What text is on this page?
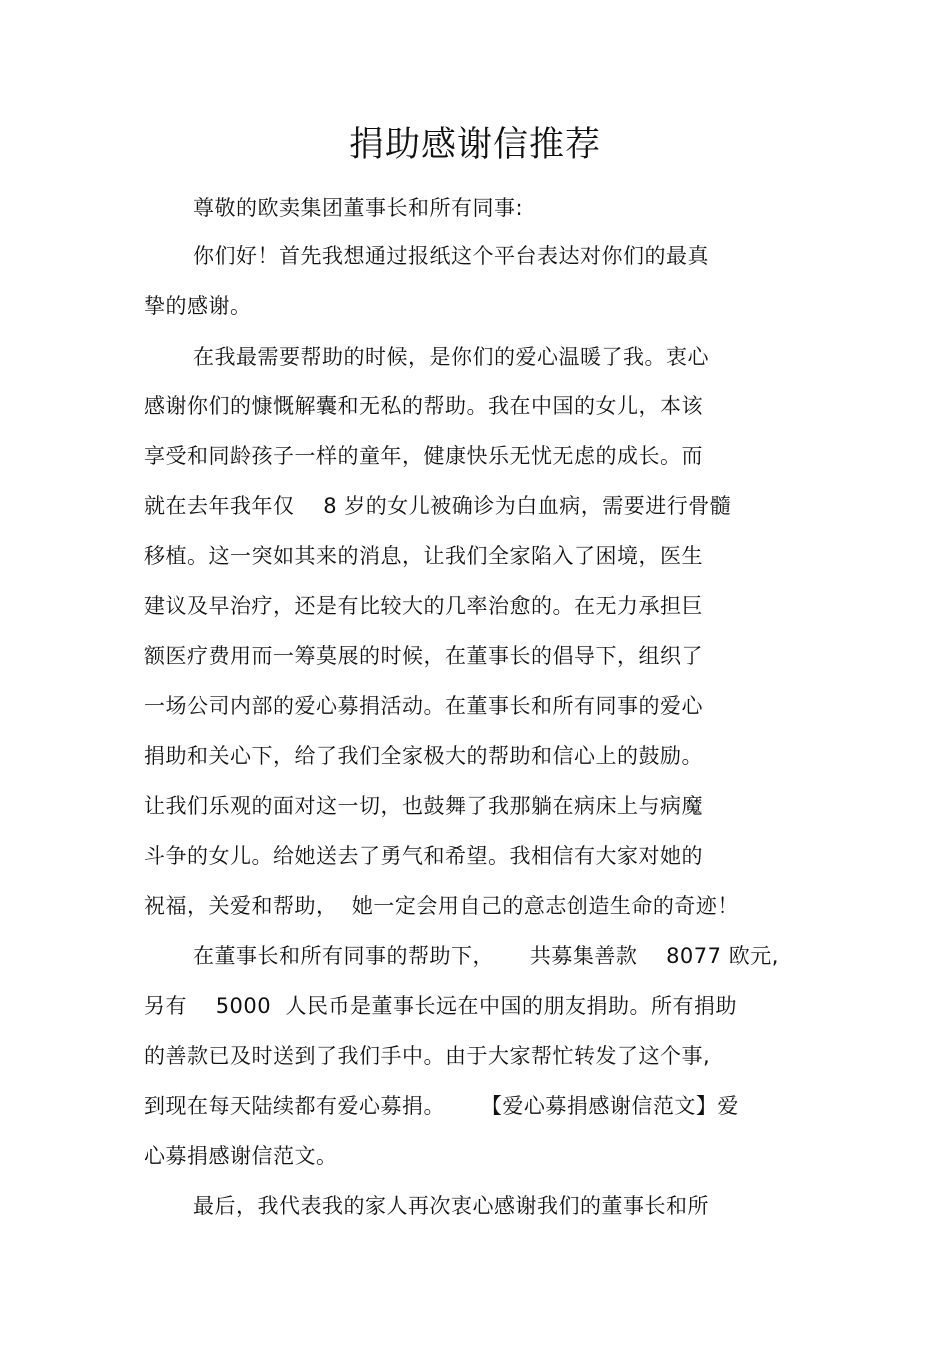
捐助感谢信推荐
尊敬的欧卖集团董事长和所有同事:
你们好！首先我想通过报纸这个平台表达对你们的最真
挚的感谢。
在我最需要帮助的时候，是你们的爱心温暖了我。衷心
感谢你们的慷慨解囊和无私的帮助。我在中国的女儿，本该
享受和同龄孩子一样的童年，健康快乐无忧无虑的成长。而
就在去年我年仅    8 岁的女儿被确诊为白血病，需要进行骨髓
移植。这一突如其来的消息，让我们全家陷入了困境，医生
建议及早治疗，还是有比较大的几率治愈的。在无力承担巨
额医疗费用而一筹莫展的时候，在董事长的倡导下，组织了
一场公司内部的爱心募捐活动。在董事长和所有同事的爱心
捐助和关心下，给了我们全家极大的帮助和信心上的鼓励。
让我们乐观的面对这一切，也鼓舞了我那躺在病床上与病魔
斗争的女儿。给她送去了勇气和希望。我相信有大家对她的
祝福，关爱和帮助，  她一定会用自己的意志创造生命的奇迹！
在董事长和所有同事的帮助下，     共募集善款    8077 欧元,
另有    5000  人民币是董事长远在中国的朋友捐助。所有捐助
的善款已及时送到了我们手中。由于大家帮忙转发了这个事,
到现在每天陆续都有爱心募捐。     【爱心募捐感谢信范文】爱
心募捐感谢信范文。
最后，我代表我的家人再次衷心感谢我们的董事长和所
